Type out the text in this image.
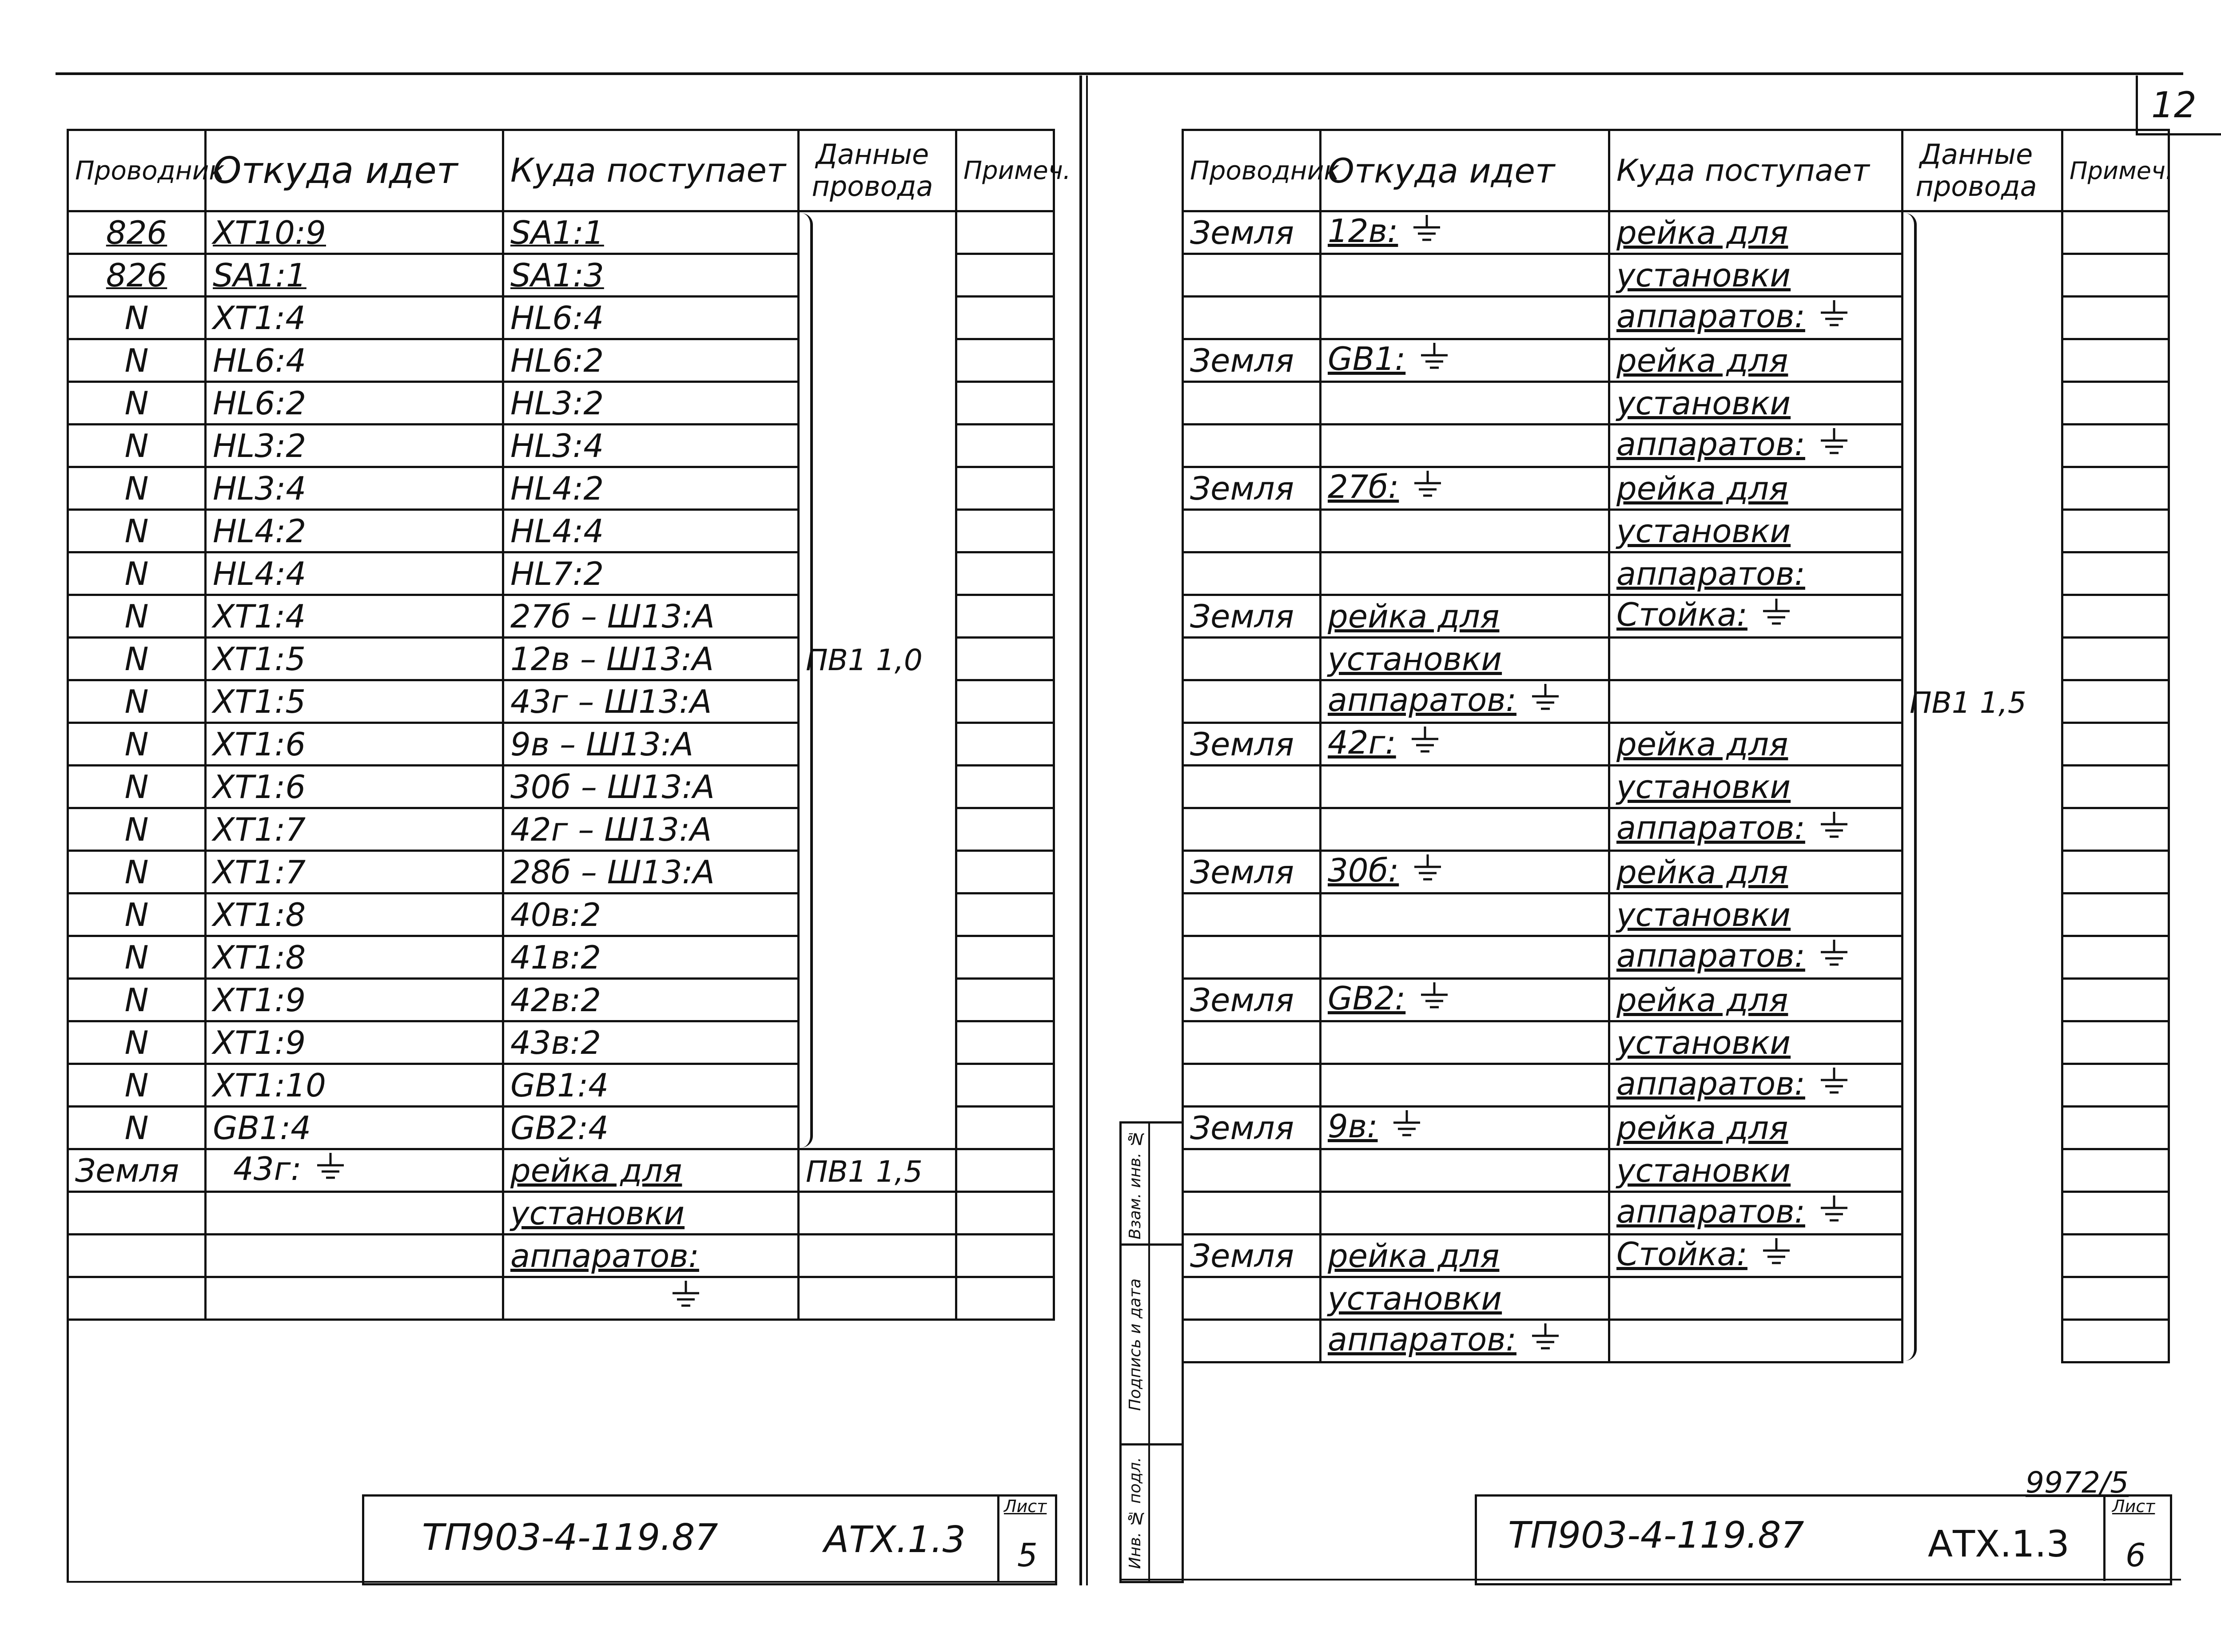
12
Проводник	Откуда идет	Куда поступает	Данные провода	Примеч.
826	XT10:9	SA1:1		
826	SA1:1	SA1:3		
N	XT1:4	HL6:4		
N	HL6:4	HL6:2		
N	HL6:2	HL3:2		
N	HL3:2	HL3:4		
N	HL3:4	HL4:2		
N	HL4:2	HL4:4		
N	HL4:4	HL7:2		
N	XT1:4	27б – Ш13:А		
N	XT1:5	12в – Ш13:А	ПВ1 1,0	
N	XT1:5	43г – Ш13:А		
N	XT1:6	9в – Ш13:А		
N	XT1:6	30б – Ш13:А		
N	XT1:7	42г – Ш13:А		
N	XT1:7	28б – Ш13:А		
N	XT1:8	40в:2		
N	XT1:8	41в:2		
N	XT1:9	42в:2		
N	XT1:9	43в:2		
N	XT1:10	GB1:4		
N	GB1:4	GB2:4		
Земля	43г:	рейка для	ПВ1 1,5	
		установки		
		аппаратов:		

ТП903-4-119.87	АТХ.1.3
Лист
5
Проводник	Откуда идет	Куда поступает	Данные провода	Примеч.
Земля	12в:	рейка для		
		установки		
		аппаратов:		
Земля	GB1:	рейка для		
		установки		
		аппаратов:		
Земля	27б:	рейка для		
		установки		
		аппаратов:		
Земля	рейка для	Стойка:		
	установки			
	аппаратов:		ПВ1 1,5	
Земля	42г:	рейка для		
		установки		
		аппаратов:		
Земля	30б:	рейка для		
		установки		
		аппаратов:		
Земля	GB2:	рейка для		
		установки		
		аппаратов:		
Земля	9в:	рейка для		
		установки		
		аппаратов:		
Земля	рейка для	Стойка:		
	установки			
	аппаратов:			
Взам. инв. №
Подпись и дата
Инв. № подл.	9972/5
ТП903-4-119.87	АТХ.1.3
Лист
6
